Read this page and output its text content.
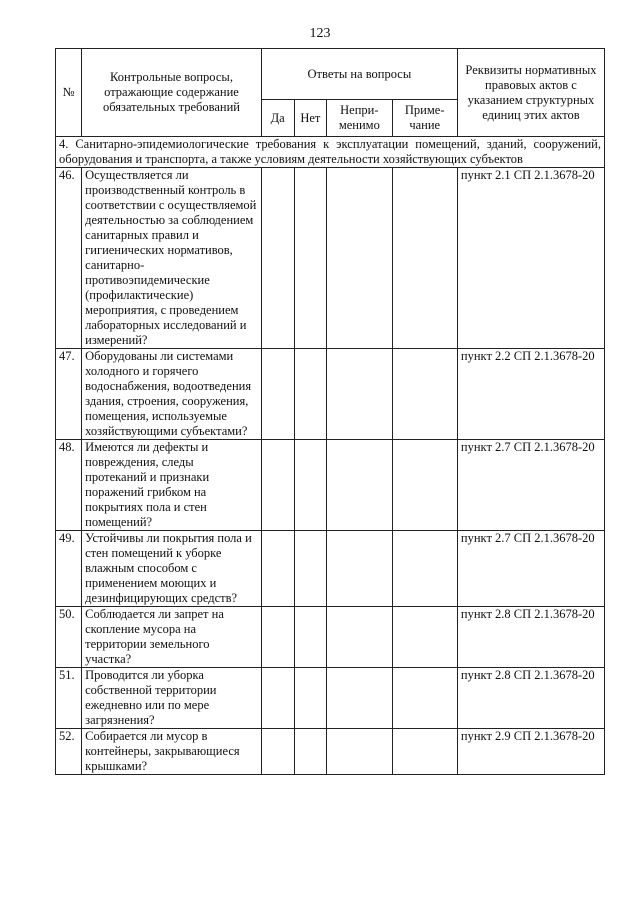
123
№	Контрольные вопросы, отражающие содержание обязательных требований	Ответы на вопросы				Реквизиты нормативных правовых актов с указанием структурных единиц этих актов
		Да	Нет	Непри-менимо	Приме-чание	
4. Санитарно-эпидемиологические требования к эксплуатации помещений, зданий, сооружений, оборудования и транспорта, а также условиям деятельности хозяйствующих субъектов						
46.	Осуществляется ли производственный контроль в соответствии с осуществляемой деятельностью за соблюдением санитарных правил и гигиенических нормативов, санитарно-противоэпидемические (профилактические) мероприятия, с проведением лабораторных исследований и измерений?					пункт 2.1 СП 2.1.3678-20
47.	Оборудованы ли системами холодного и горячего водоснабжения, водоотведения здания, строения, сооружения, помещения, используемые хозяйствующими субъектами?					пункт 2.2 СП 2.1.3678-20
48.	Имеются ли дефекты и повреждения, следы протеканий и признаки поражений грибком на покрытиях пола и стен помещений?					пункт 2.7 СП 2.1.3678-20
49.	Устойчивы ли покрытия пола и стен помещений к уборке влажным способом с применением моющих и дезинфицирующих средств?					пункт 2.7 СП 2.1.3678-20
50.	Соблюдается ли запрет на скопление мусора на территории земельного участка?					пункт 2.8 СП 2.1.3678-20
51.	Проводится ли уборка собственной территории ежедневно или по мере загрязнения?					пункт 2.8 СП 2.1.3678-20
52.	Собирается ли мусор в контейнеры, закрывающиеся крышками?					пункт 2.9 СП 2.1.3678-20
